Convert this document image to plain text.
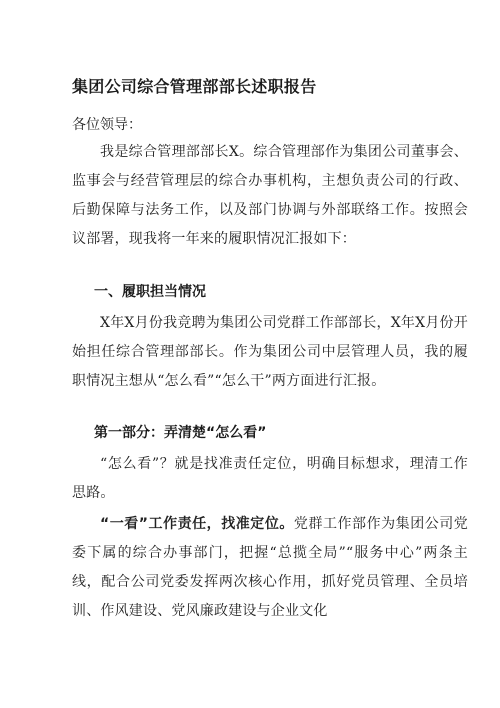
集团公司综合管理部部长述职报告

各位领导：

我是综合管理部部长X。综合管理部作为集团公司董事会、监事会与经营管理层的综合办事机构，主想负责公司的行政、后勤保障与法务工作，以及部门协调与外部联络工作。按照会议部署，现我将一年来的履职情况汇报如下：

一、履职担当情况

X年X月份我竞聘为集团公司党群工作部部长，X年X月份开始担任综合管理部部长。作为集团公司中层管理人员，我的履职情况主想从“怎么看”“怎么干”两方面进行汇报。

第一部分：弄清楚“怎么看”

“怎么看”？就是找准责任定位，明确目标想求，理清工作思路。

“一看”工作责任，找准定位。党群工作部作为集团公司党委下属的综合办事部门，把握“总揽全局”“服务中心”两条主线，配合公司党委发挥两次核心作用，抓好党员管理、全员培训、作风建设、党风廉政建设与企业文化
